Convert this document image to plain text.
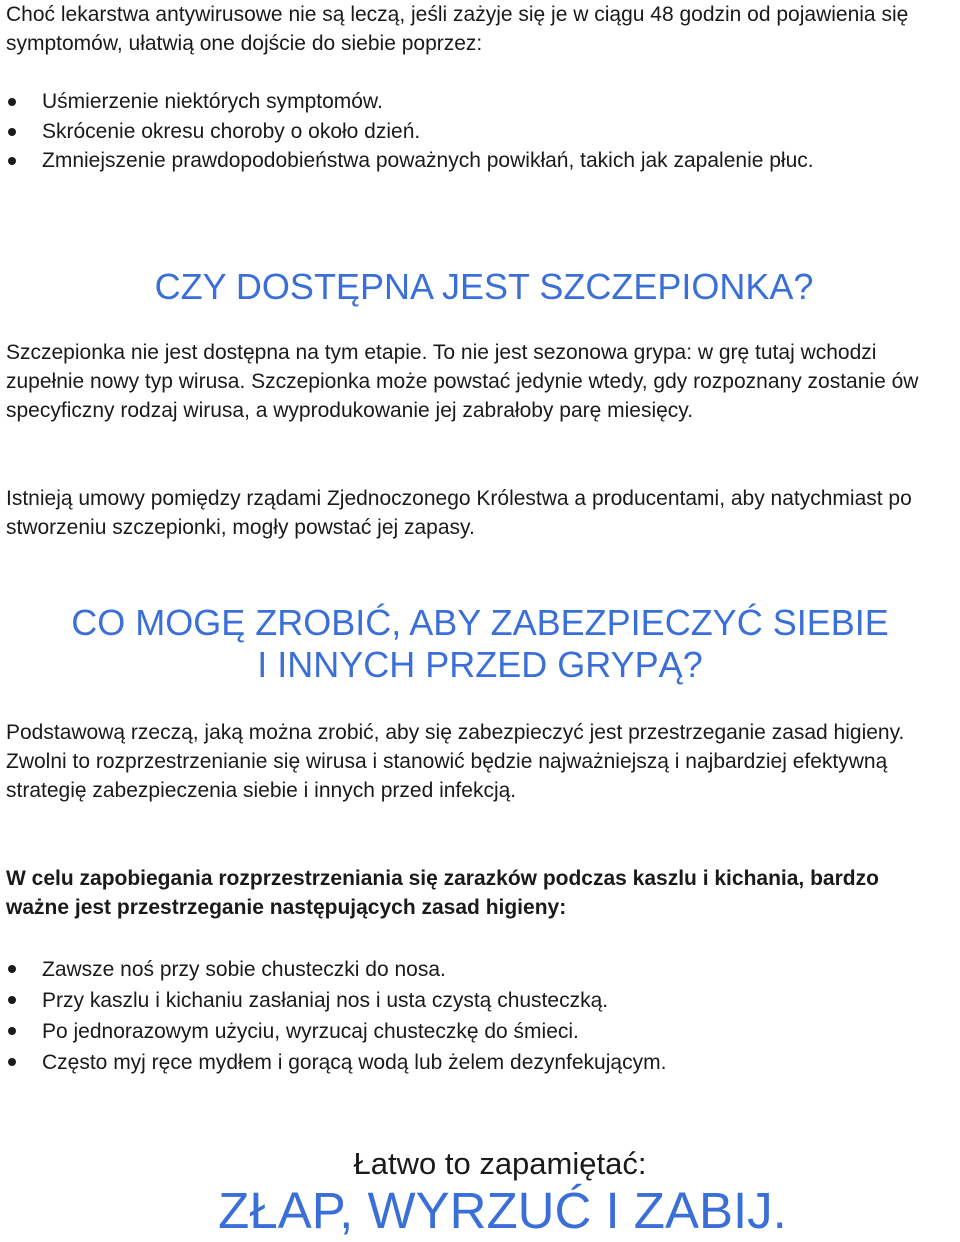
Choć lekarstwa antywirusowe nie są leczą, jeśli zażyje się je w ciągu 48 godzin od pojawienia się symptomów, ułatwią one dojście do siebie poprzez:

Uśmierzenie niektórych symptomów.
Skrócenie okresu choroby o około dzień.
Zmniejszenie prawdopodobieństwa poważnych powikłań, takich jak zapalenie płuc.
CZY DOSTĘPNA JEST SZCZEPIONKA?

Szczepionka nie jest dostępna na tym etapie. To nie jest sezonowa grypa: w grę tutaj wchodzi zupełnie nowy typ wirusa. Szczepionka może powstać jedynie wtedy, gdy rozpoznany zostanie ów specyficzny rodzaj wirusa, a wyprodukowanie jej zabrałoby parę miesięcy.

Istnieją umowy pomiędzy rządami Zjednoczonego Królestwa a producentami, aby natychmiast po stworzeniu szczepionki, mogły powstać jej zapasy.

CO MOGĘ ZROBIĆ, ABY ZABEZPIECZYĆ SIEBIE
I INNYCH PRZED GRYPĄ?

Podstawową rzeczą, jaką można zrobić, aby się zabezpieczyć jest przestrzeganie zasad higieny. Zwolni to rozprzestrzenianie się wirusa i stanowić będzie najważniejszą i najbardziej efektywną strategię zabezpieczenia siebie i innych przed infekcją.

W celu zapobiegania rozprzestrzeniania się zarazków podczas kaszlu i kichania, bardzo ważne jest przestrzeganie następujących zasad higieny:

Zawsze noś przy sobie chusteczki do nosa.
Przy kaszlu i kichaniu zasłaniaj nos i usta czystą chusteczką.
Po jednorazowym użyciu, wyrzucaj chusteczkę do śmieci.
Często myj ręce mydłem i gorącą wodą lub żelem dezynfekującym.

Łatwo to zapamiętać:

ZŁAP, WYRZUĆ I ZABIJ.
